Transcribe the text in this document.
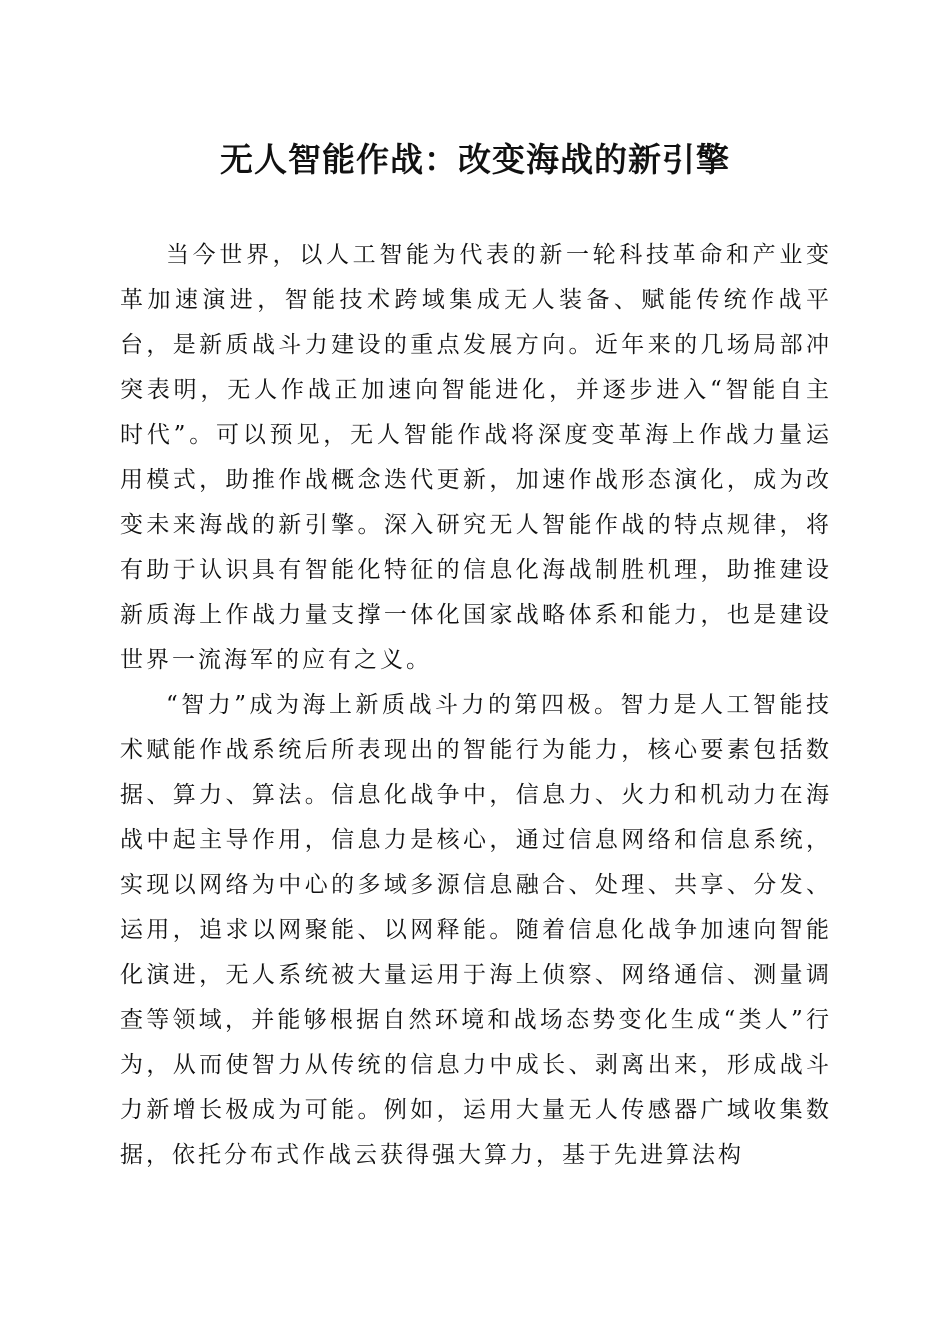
无人智能作战：改变海战的新引擎

当今世界，以人工智能为代表的新一轮科技革命和产业变革加速演进，智能技术跨域集成无人装备、赋能传统作战平台，是新质战斗力建设的重点发展方向。近年来的几场局部冲突表明，无人作战正加速向智能进化，并逐步进入“智能自主时代”。可以预见，无人智能作战将深度变革海上作战力量运用模式，助推作战概念迭代更新，加速作战形态演化，成为改变未来海战的新引擎。深入研究无人智能作战的特点规律，将有助于认识具有智能化特征的信息化海战制胜机理，助推建设新质海上作战力量支撑一体化国家战略体系和能力，也是建设世界一流海军的应有之义。

“智力”成为海上新质战斗力的第四极。智力是人工智能技术赋能作战系统后所表现出的智能行为能力，核心要素包括数据、算力、算法。信息化战争中，信息力、火力和机动力在海战中起主导作用，信息力是核心，通过信息网络和信息系统，实现以网络为中心的多域多源信息融合、处理、共享、分发、运用，追求以网聚能、以网释能。随着信息化战争加速向智能化演进，无人系统被大量运用于海上侦察、网络通信、测量调查等领域，并能够根据自然环境和战场态势变化生成“类人”行为，从而使智力从传统的信息力中成长、剥离出来，形成战斗力新增长极成为可能。例如，运用大量无人传感器广域收集数据，依托分布式作战云获得强大算力，基于先进算法构
